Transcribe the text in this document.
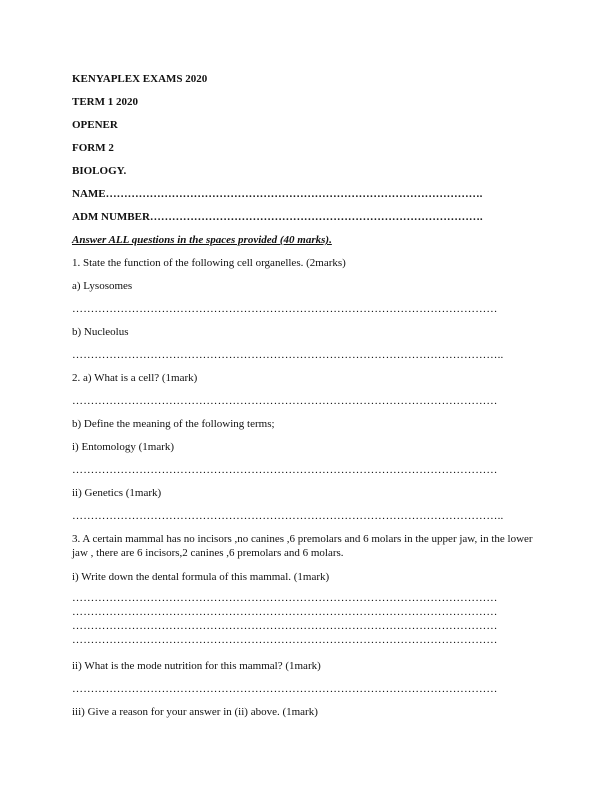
KENYAPLEX EXAMS 2020
TERM 1 2020
OPENER
FORM 2
BIOLOGY.
NAME………………………………………………………………………………………….
ADM NUMBER……………………………………………………………………………….
Answer ALL questions in the spaces provided (40 marks).
1. State the function of the following cell organelles. (2marks)
a) Lysosomes
……………………………………………………………………………………………………
b) Nucleolus
……………………………………………………………………………………………………..
2. a) What is a cell? (1mark)
……………………………………………………………………………………………………
b) Define the meaning of the following terms;
i) Entomology (1mark)
……………………………………………………………………………………………………
ii) Genetics (1mark)
……………………………………………………………………………………………………..
3. A certain mammal has no incisors ,no canines ,6 premolars and 6 molars in the upper jaw, in the lower jaw , there are 6 incisors,2 canines ,6 premolars and 6 molars.
i) Write down the dental formula of this mammal. (1mark)
……………………………………………………………………………………………………
……………………………………………………………………………………………………
……………………………………………………………………………………………………
……………………………………………………………………………………………………
ii) What is the mode nutrition for this mammal? (1mark)
……………………………………………………………………………………………………
iii) Give a reason for your answer in (ii) above. (1mark)
